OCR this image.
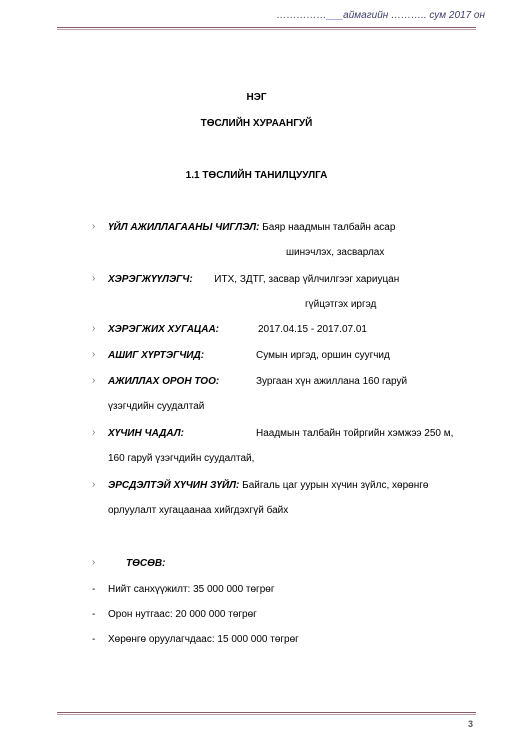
……………___аймагийн ……….. сум 2017 он
НЭГ
ТӨСЛИЙН ХУРААНГУЙ
1.1 ТӨСЛИЙН ТАНИЛЦУУЛГА
› ҮЙЛ АЖИЛЛАГААНЫ ЧИГЛЭЛ: Баяр наадмын талбайн асар
шинэчлэх, засварлах
› ХЭРЭГЖҮҮЛЭГЧ: ИТХ, ЗДТГ, засвар үйлчилгээг хариуцан
гүйцэтгэх иргэд
› ХЭРЭГЖИХ ХУГАЦАА:	2017.04.15 - 2017.07.01
› АШИГ ХҮРТЭГЧИД:	Сумын иргэд, оршин суугчид
› АЖИЛЛАХ ОРОН ТОО:	Зургаан хүн ажиллана 160 гаруй
үзэгчдийн суудалтай
› ХҮЧИН ЧАДАЛ:	Наадмын талбайн тойргийн хэмжээ 250 м,
160 гаруй үзэгчдийн суудалтай,
› ЭРСДЭЛТЭЙ ХҮЧИН ЗҮЙЛ: Байгаль цаг уурын хүчин зүйлс, хөрөнгө
орлуулалт хугацаанаа хийгдэхгүй байх
›	ТӨСӨВ:
- Нийт санхүүжилт: 35 000 000 төгрөг
- Орон нутгаас: 20 000 000 төгрөг
- Хөрөнгө оруулагчдаас: 15 000 000 төгрөг
3
